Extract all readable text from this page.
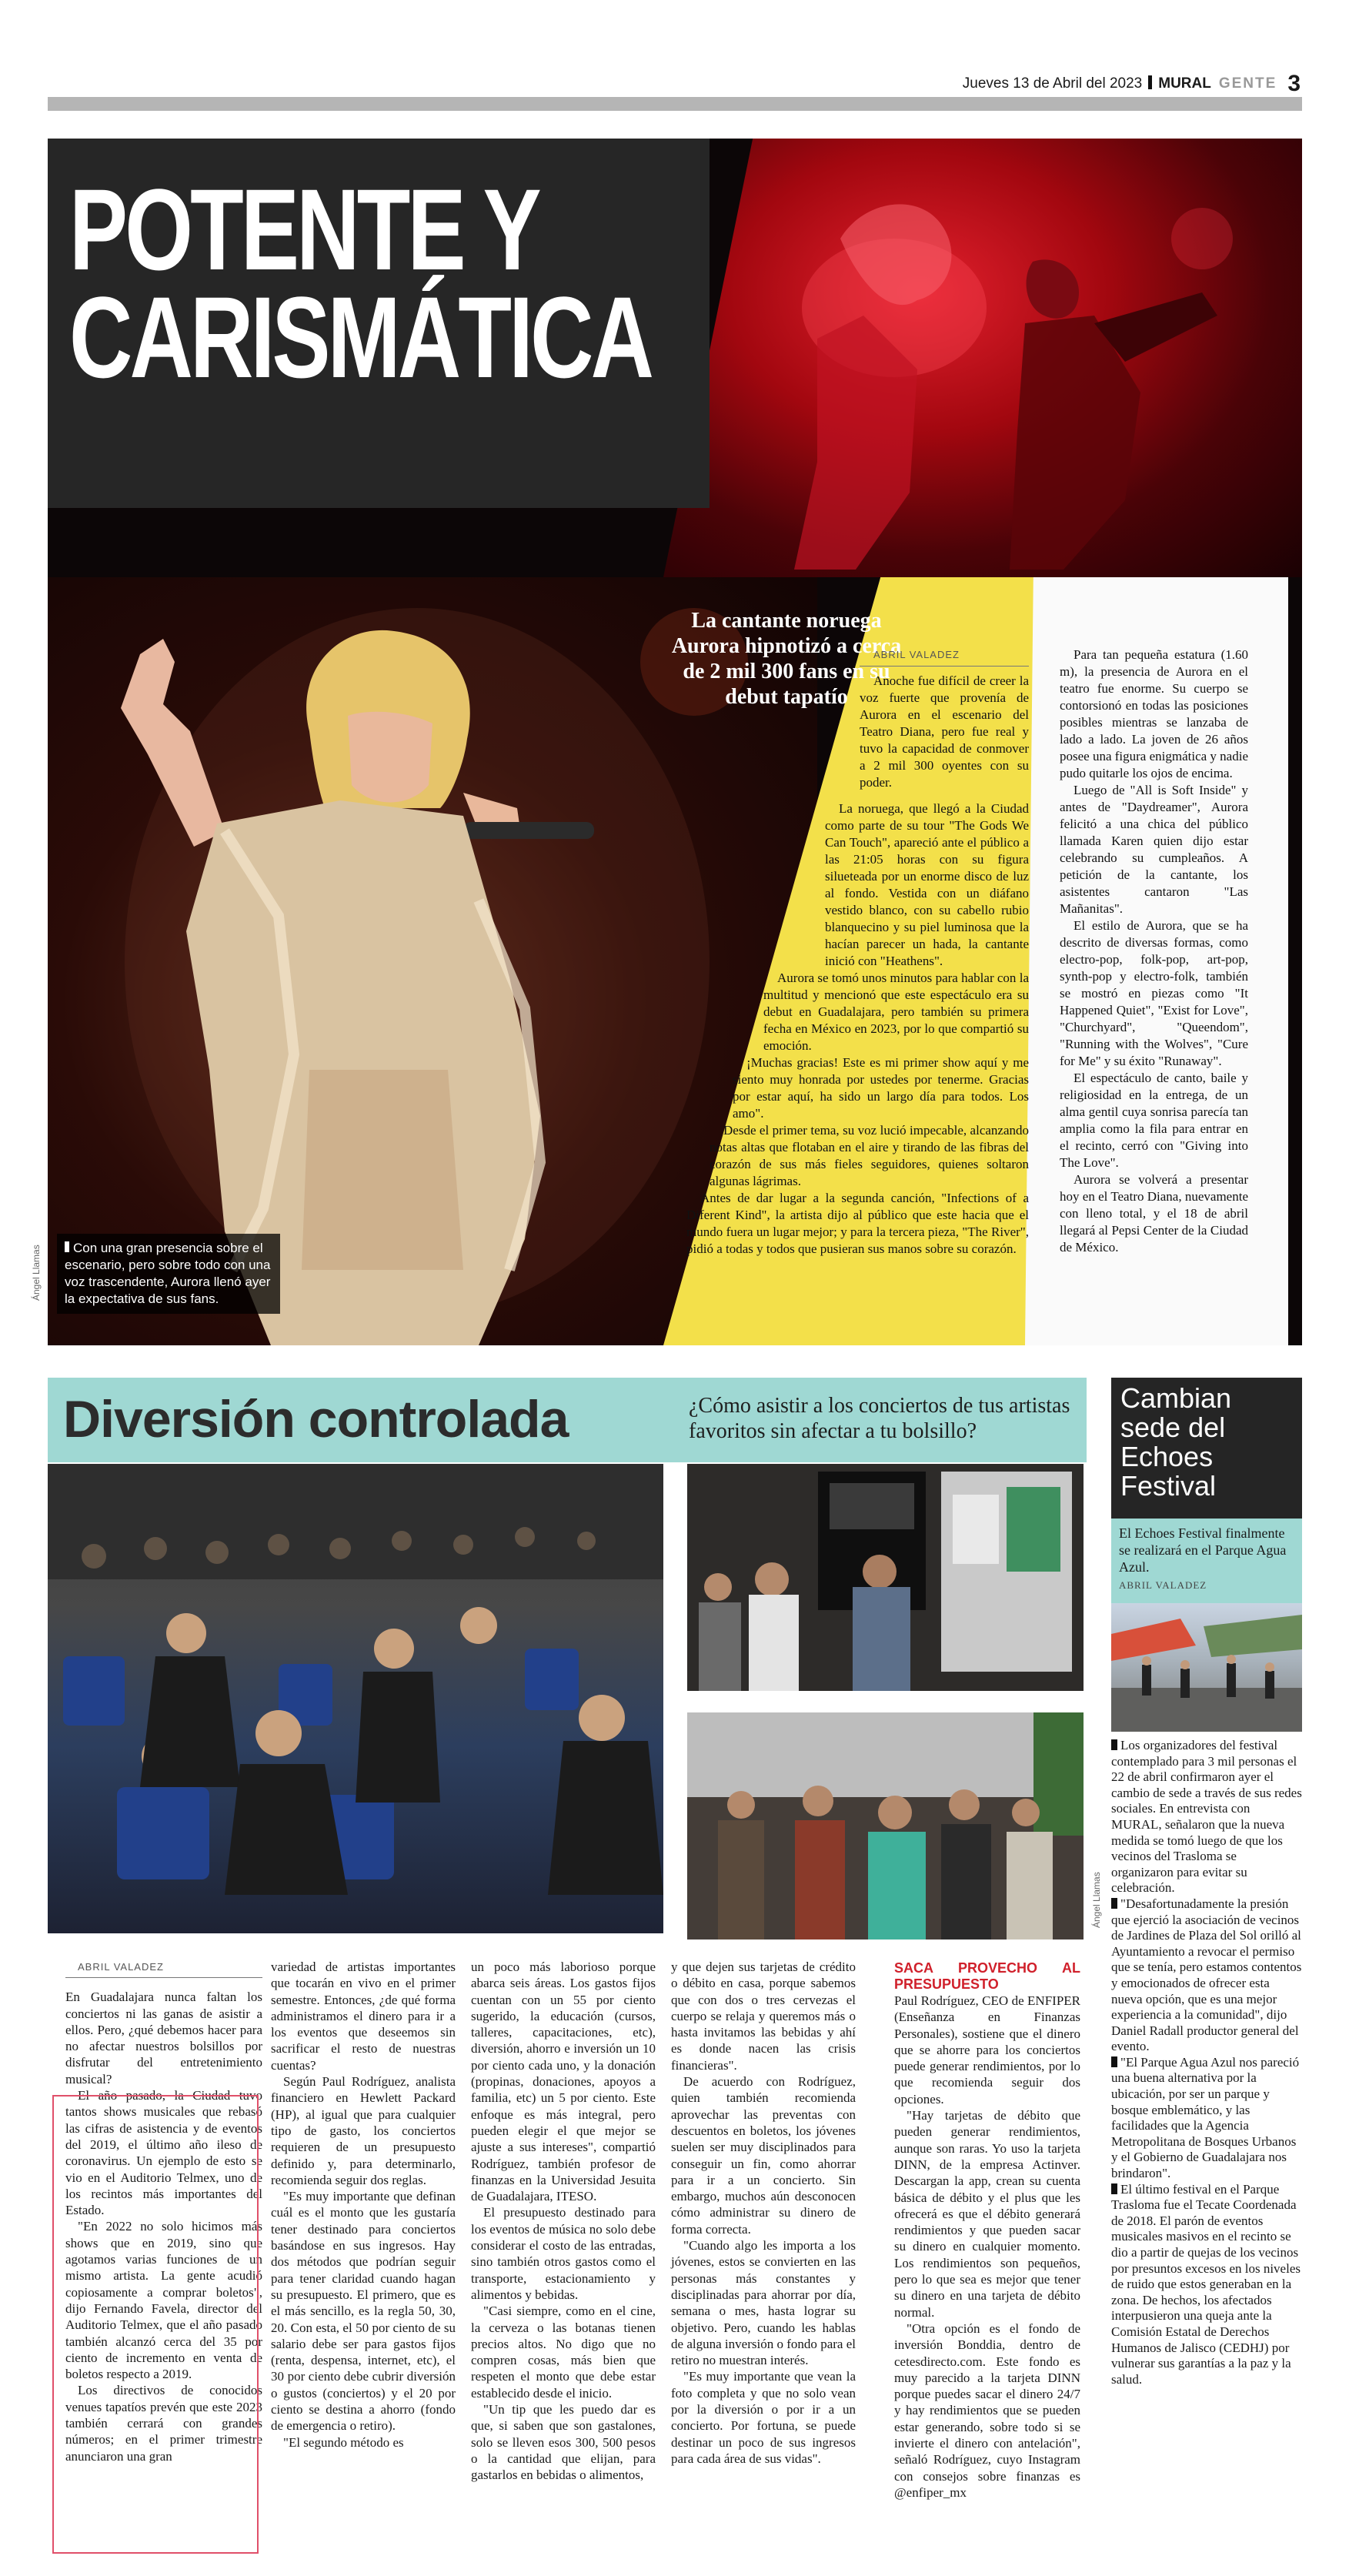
Jueves 13 de Abril del 2023 MURAL GENTE 3
POTENTE Y
CARISMÁTICA
La cantante noruega Aurora hipnotizó a cerca de 2 mil 300 fans en su debut tapatío

ABRIL VALADEZ

Anoche fue difícil de creer la voz fuerte que provenía de Aurora en el escenario del Teatro Diana, pero fue real y tuvo la capacidad de conmover a 2 mil 300 oyentes con su poder.

La noruega, que llegó a la Ciudad como parte de su tour "The Gods We Can Touch", apareció ante el público a las 21:05 horas con su figura silueteada por un enorme disco de luz al fondo. Vestida con un diáfano vestido blanco, con su cabello rubio blanquecino y su piel luminosa que la hacían parecer un hada, la cantante inició con "Heathens".

Aurora se tomó unos minutos para hablar con la multitud y mencionó que este espectáculo era su debut en Guadalajara, pero también su primera fecha en México en 2023, por lo que compartió su emoción.

¡Muchas gracias! Este es mi primer show aquí y me siento muy honrada por ustedes por tenerme. Gracias por estar aquí, ha sido un largo día para todos. Los amo".

Desde el primer tema, su voz lució impecable, alcanzando notas altas que flotaban en el aire y tirando de las fibras del corazón de sus más fieles seguidores, quienes soltaron algunas lágrimas.

Antes de dar lugar a la segunda canción, "Infections of a Diferent Kind", la artista dijo al público que este hacia que el mundo fuera un lugar mejor; y para la tercera pieza, "The River", pidió a todas y todos que pusieran sus manos sobre su corazón.

Para tan pequeña estatura (1.60 m), la presencia de Aurora en el teatro fue enorme. Su cuerpo se contorsionó en todas las posiciones posibles mientras se lanzaba de lado a lado. La joven de 26 años posee una figura enigmática y nadie pudo quitarle los ojos de encima.

Luego de "All is Soft Inside" y antes de "Daydreamer", Aurora felicitó a una chica del público llamada Karen quien dijo estar celebrando su cumpleaños. A petición de la cantante, los asistentes cantaron "Las Mañanitas".

El estilo de Aurora, que se ha descrito de diversas formas, como electro-pop, folk-pop, art-pop, synth-pop y electro-folk, también se mostró en piezas como "It Happened Quiet", "Exist for Love", "Churchyard", "Queendom", "Running with the Wolves", "Cure for Me" y su éxito "Runaway".

El espectáculo de canto, baile y religiosidad en la entrega, de un alma gentil cuya sonrisa parecía tan amplia como la fila para entrar en el recinto, cerró con "Giving into The Love".

Aurora se volverá a presentar hoy en el Teatro Diana, nuevamente con lleno total, y el 18 de abril llegará al Pepsi Center de la Ciudad de México.

Con una gran presencia sobre el escenario, pero sobre todo con una voz trascendente, Aurora llenó ayer la expectativa de sus fans.
Ángel Llamas
Diversión controlada	¿Cómo asistir a los conciertos de tus artistas favoritos sin afectar a tu bolsillo?
Ángel Llamas

ABRIL VALADEZ

En Guadalajara nunca faltan los conciertos ni las ganas de asistir a ellos. Pero, ¿qué debemos hacer para no afectar nuestros bolsillos por disfrutar del entretenimiento musical?

El año pasado, la Ciudad tuvo tantos shows musicales que rebasó las cifras de asistencia y de eventos del 2019, el último año ileso de coronavirus. Un ejemplo de esto se vio en el Auditorio Telmex, uno de los recintos más importantes del Estado.

"En 2022 no solo hicimos más shows que en 2019, sino que agotamos varias funciones de un mismo artista. La gente acudió copiosamente a comprar boletos", dijo Fernando Favela, director del Auditorio Telmex, que el año pasado también alcanzó cerca del 35 por ciento de incremento en venta de boletos respecto a 2019.

Los directivos de conocidos venues tapatíos prevén que este 2023 también cerrará con grandes números; en el primer trimestre anunciaron una gran

variedad de artistas importantes que tocarán en vivo en el primer semestre. Entonces, ¿de qué forma administramos el dinero para ir a los eventos que deseemos sin sacrificar el resto de nuestras cuentas?

Según Paul Rodríguez, analista financiero en Hewlett Packard (HP), al igual que para cualquier tipo de gasto, los conciertos requieren de un presupuesto definido y, para determinarlo, recomienda seguir dos reglas.

"Es muy importante que definan cuál es el monto que les gustaría tener destinado para conciertos basándose en sus ingresos. Hay dos métodos que podrían seguir para tener claridad cuando hagan su presupuesto. El primero, que es el más sencillo, es la regla 50, 30, 20. Con esta, el 50 por ciento de su salario debe ser para gastos fijos (renta, despensa, internet, etc), el 30 por ciento debe cubrir diversión o gustos (conciertos) y el 20 por ciento se destina a ahorro (fondo de emergencia o retiro).

"El segundo método es

un poco más laborioso porque abarca seis áreas. Los gastos fijos cuentan con un 55 por ciento sugerido, la educación (cursos, talleres, capacitaciones, etc), diversión, ahorro e inversión un 10 por ciento cada uno, y la donación (propinas, donaciones, apoyos a familia, etc) un 5 por ciento. Este enfoque es más integral, pero pueden elegir el que mejor se ajuste a sus intereses", compartió Rodríguez, también profesor de finanzas en la Universidad Jesuita de Guadalajara, ITESO.

El presupuesto destinado para los eventos de música no solo debe considerar el costo de las entradas, sino también otros gastos como el transporte, estacionamiento y alimentos y bebidas.

"Casi siempre, como en el cine, la cerveza o las botanas tienen precios altos. No digo que no compren cosas, más bien que respeten el monto que debe estar establecido desde el inicio.

"Un tip que les puedo dar es que, si saben que son gastalones, solo se lleven esos 300, 500 pesos o la cantidad que elijan, para gastarlos en bebidas o alimentos,

y que dejen sus tarjetas de crédito o débito en casa, porque sabemos que con dos o tres cervezas el cuerpo se relaja y queremos más o hasta invitamos las bebidas y ahí es donde nacen las crisis financieras".

De acuerdo con Rodríguez, quien también recomienda aprovechar las preventas con descuentos en boletos, los jóvenes suelen ser muy disciplinados para conseguir un fin, como ahorrar para ir a un concierto. Sin embargo, muchos aún desconocen cómo administrar su dinero de forma correcta.

"Cuando algo les importa a los jóvenes, estos se convierten en las personas más constantes y disciplinadas para ahorrar por día, semana o mes, hasta lograr su objetivo. Pero, cuando les hablas de alguna inversión o fondo para el retiro no muestran interés.

"Es muy importante que vean la foto completa y que no solo vean por la diversión o por ir a un concierto. Por fortuna, se puede destinar un poco de sus ingresos para cada área de sus vidas".

SACA PROVECHO AL PRESUPUESTO

Paul Rodríguez, CEO de ENFIPER (Enseñanza en Finanzas Personales), sostiene que el dinero que se ahorre para los conciertos puede generar rendimientos, por lo que recomienda seguir dos opciones.

"Hay tarjetas de débito que pueden generar rendimientos, aunque son raras. Yo uso la tarjeta DINN, de la empresa Actinver. Descargan la app, crean su cuenta básica de débito y el plus que les ofrecerá es que el débito generará rendimientos y que pueden sacar su dinero en cualquier momento. Los rendimientos son pequeños, pero lo que sea es mejor que tener su dinero en una tarjeta de débito normal.

"Otra opción es el fondo de inversión Bonddia, dentro de cetesdirecto.com. Este fondo es muy parecido a la tarjeta DINN porque puedes sacar el dinero 24/7 y hay rendimientos que se pueden estar generando, sobre todo si se invierte el dinero con antelación", señaló Rodríguez, cuyo Instagram con consejos sobre finanzas es @enfiper_mx

Cambian sede del Echoes Festival
El Echoes Festival finalmente se realizará en el Parque Agua Azul.
ABRIL VALADEZ

Los organizadores del festival contemplado para 3 mil personas el 22 de abril confirmaron ayer el cambio de sede a través de sus redes sociales. En entrevista con MURAL, señalaron que la nueva medida se tomó luego de que los vecinos del Trasloma se organizaron para evitar su celebración.

"Desafortunadamente la presión que ejerció la asociación de vecinos de Jardines de Plaza del Sol orilló al Ayuntamiento a revocar el permiso que se tenía, pero estamos contentos y emocionados de ofrecer esta nueva opción, que es una mejor experiencia a la comunidad", dijo Daniel Radall productor general del evento.

"El Parque Agua Azul nos pareció una buena alternativa por la ubicación, por ser un parque y bosque emblemático, y las facilidades que la Agencia Metropolitana de Bosques Urbanos y el Gobierno de Guadalajara nos brindaron".

El último festival en el Parque Trasloma fue el Tecate Coordenada de 2018. El parón de eventos musicales masivos en el recinto se dio a partir de quejas de los vecinos por presuntos excesos en los niveles de ruido que estos generaban en la zona. De hechos, los afectados interpusieron una queja ante la Comisión Estatal de Derechos Humanos de Jalisco (CEDHJ) por vulnerar sus garantías a la paz y la salud.
